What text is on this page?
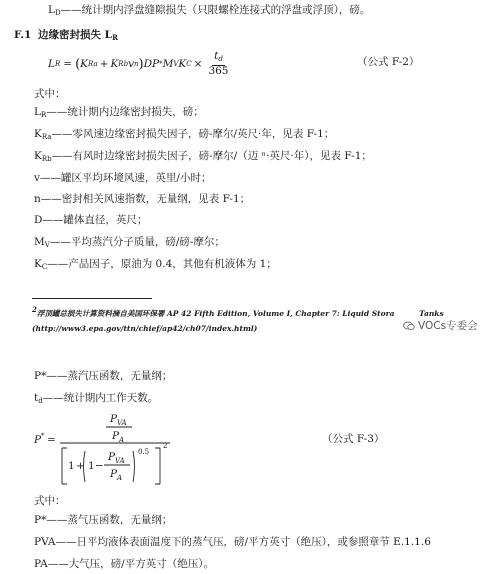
$L_D——$统计期内浮盘缝隙损失（只限螺栓连接式的浮盘或浮顶），磅。
F.1 边缘密封损失 $L_R$
L R = ( K Ra + K Rb v n ) DP * M V K $C \times \frac{t_d}{365}$	（公式 F-2）
式中：
$L_R——$统计期内边缘密封损失，磅；
$K_{Ra}——$零风速边缘密封损失因子，磅-摩尔/英尺·年，见表 F-1；
$K_{Rb}——$有风时边缘密封损失因子，磅-摩尔/（迈 ⁿ·英尺·年），见表 F-1；
v——罐区平均环境风速，英里/小时；
n——密封相关风速指数，无量纲，见表 F-1；
D——罐体直径，英尺；
$M_V——$平均蒸汽分子质量，磅/磅-摩尔；
$K_C——$产品因子，原油为 0.4，其他有机液体为 1；
2浮顶罐总损失计算资料摘自美国环保署 AP 42 Fifth Edition, Volume I, Chapter 7: Liquid Stora	Tanks
(http://www3.epa.gov/ttn/chief/ap42/ch07/index.html)	VOCs专委会
P*——蒸汽压函数，无量纲；
$t_d——$统计期内工作天数。
P * =
P VA
P A
1 + 1 −
P VA
P A
0.5
2
（公式 F-3）
式中：
P*——蒸气压函数，无量纲；
PVA——日平均液体表面温度下的蒸气压，磅/平方英寸（绝压），或参照章节 E.1.1.6
PA——大气压，磅/平方英寸（绝压）。
